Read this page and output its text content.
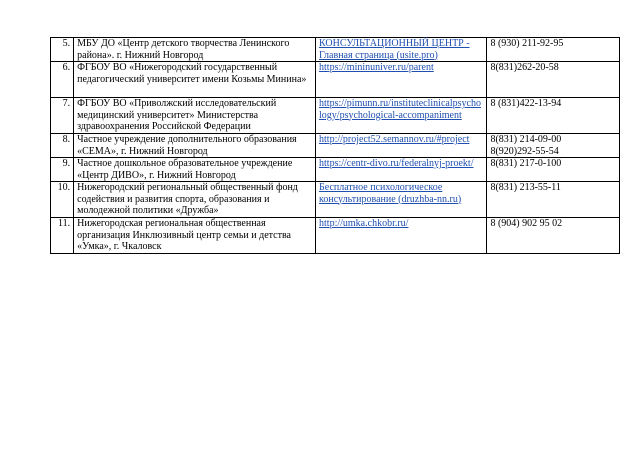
5.	МБУ ДО «Центр детского творчества Ленинского района». г. Нижний Новгород	КОНСУЛЬТАЦИОННЫЙ ЦЕНТР - Главная страница (usite.pro)	8 (930) 211-92-95

6.	ФГБОУ ВО «Нижегородский государственный педагогический университет имени Козьмы Минина»	https://mininuniver.ru/parent	8(831)262-20-58

7.	ФГБОУ ВО «Приволжский исследовательский медицинский университет» Министерства здравоохранения Российской Федерации	https://pimunn.ru/instituteclinicalpsychology/psychological-accompaniment	8 (831)422-13-94

8.	Частное учреждение дополнительного образования «СЕМА», г. Нижний Новгород	http://project52.semannov.ru/#project	8(831) 214-09-00
8(920)292-55-54

9.	Частное дошкольное образовательное учреждение «Центр ДИВО», г. Нижний Новгород	https://centr-divo.ru/federalnyj-proekt/	8(831) 217-0-100

10.	Нижегородский региональный общественный фонд содействия и развития спорта, образования и молодежной политики «Дружба»	Бесплатное психологическое консультирование (druzhba-nn.ru)	8(831) 213-55-11

11.	Нижегородская региональная общественная организация Инклюзивный центр семьи и детства «Умка», г. Чкаловск	http://umka.chkobr.ru/	8 (904) 902 95 02
